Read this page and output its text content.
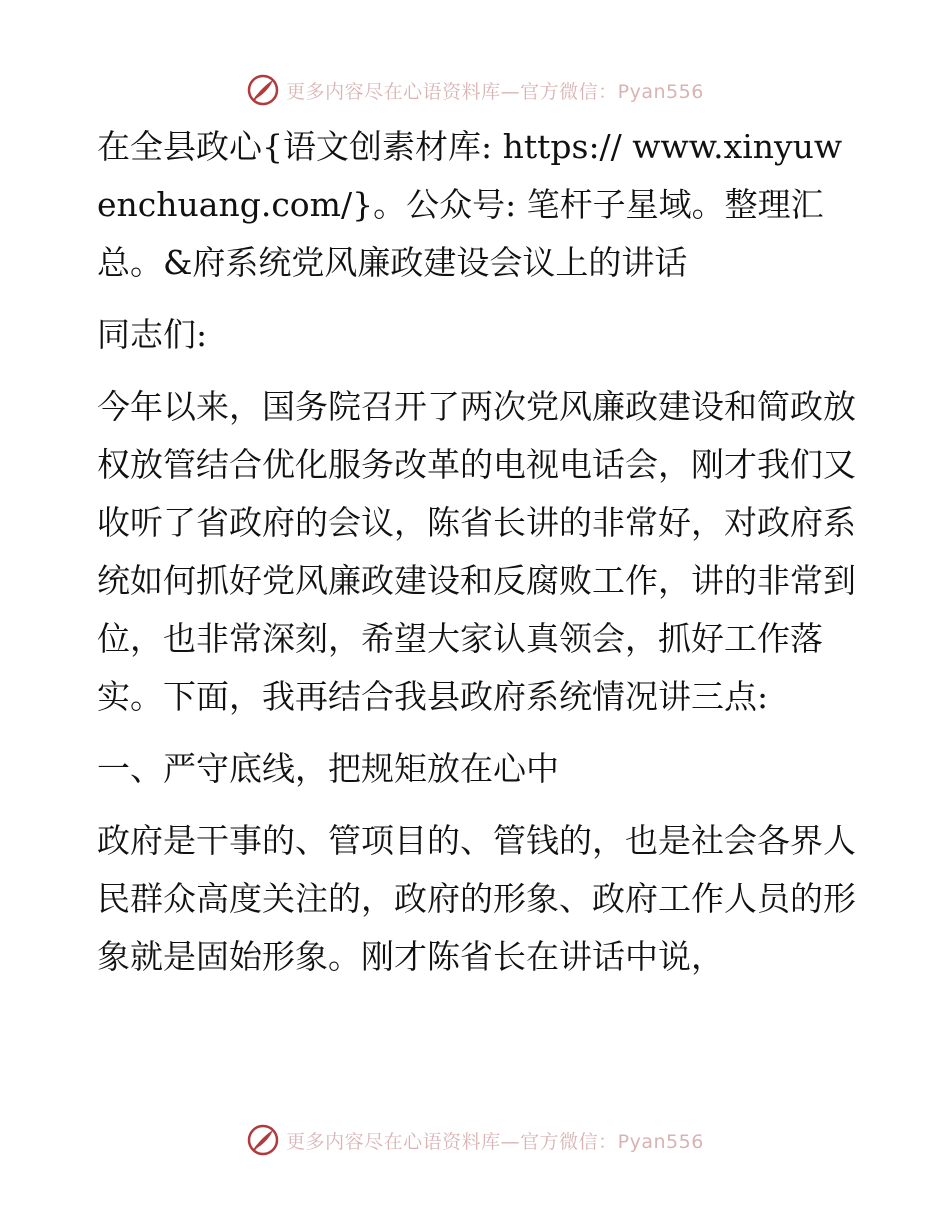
更多内容尽在心语资料库—官方微信：Pyan556

在全县政心{语文创素材库: https:// www.xinyuwenchuang.com/}。公众号: 笔杆子星域。整理汇总。&府系统党风廉政建设会议上的讲话

同志们:

今年以来，国务院召开了两次党风廉政建设和简政放权放管结合优化服务改革的电视电话会，刚才我们又收听了省政府的会议，陈省长讲的非常好，对政府系统如何抓好党风廉政建设和反腐败工作，讲的非常到位，也非常深刻，希望大家认真领会，抓好工作落实。下面，我再结合我县政府系统情况讲三点:

一、严守底线，把规矩放在心中

政府是干事的、管项目的、管钱的，也是社会各界人民群众高度关注的，政府的形象、政府工作人员的形象就是固始形象。刚才陈省长在讲话中说，

更多内容尽在心语资料库—官方微信：Pyan556
